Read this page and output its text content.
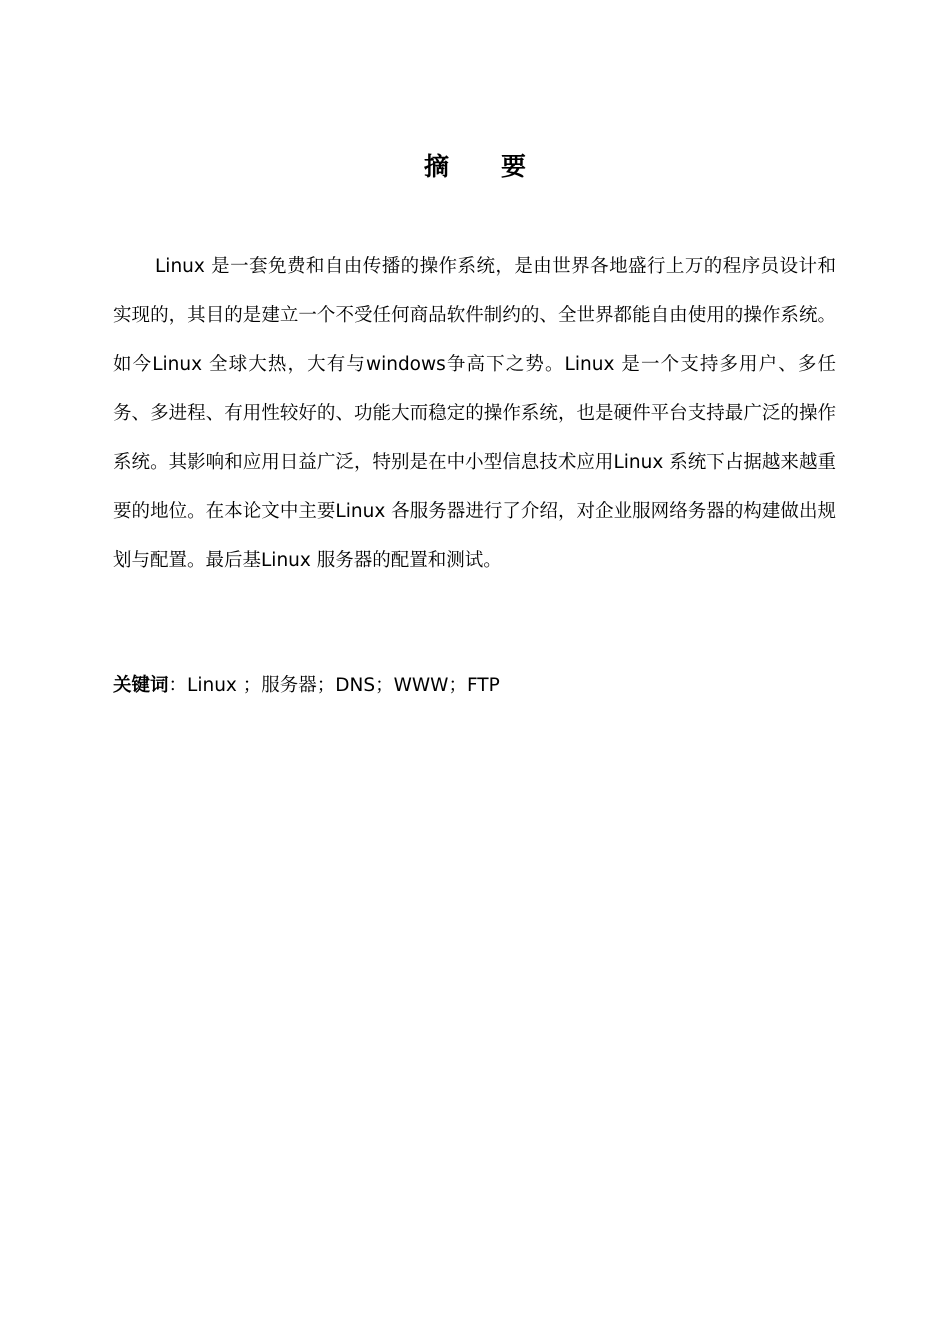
摘 要

Linux 是一套免费和自由传播的操作系统，是由世界各地盛行上万的程序员设计和实现的，其目的是建立一个不受任何商品软件制约的、全世界都能自由使用的操作系统。如今Linux 全球大热，大有与windows争高下之势。Linux 是一个支持多用户、多任务、多进程、有用性较好的、功能大而稳定的操作系统，也是硬件平台支持最广泛的操作系统。其影响和应用日益广泛，特别是在中小型信息技术应用Linux 系统下占据越来越重要的地位。在本论文中主要Linux 各服务器进行了介绍，对企业服网络务器的构建做出规划与配置。最后基Linux 服务器的配置和测试。

关键词：Linux ；服务器；DNS；WWW；FTP
